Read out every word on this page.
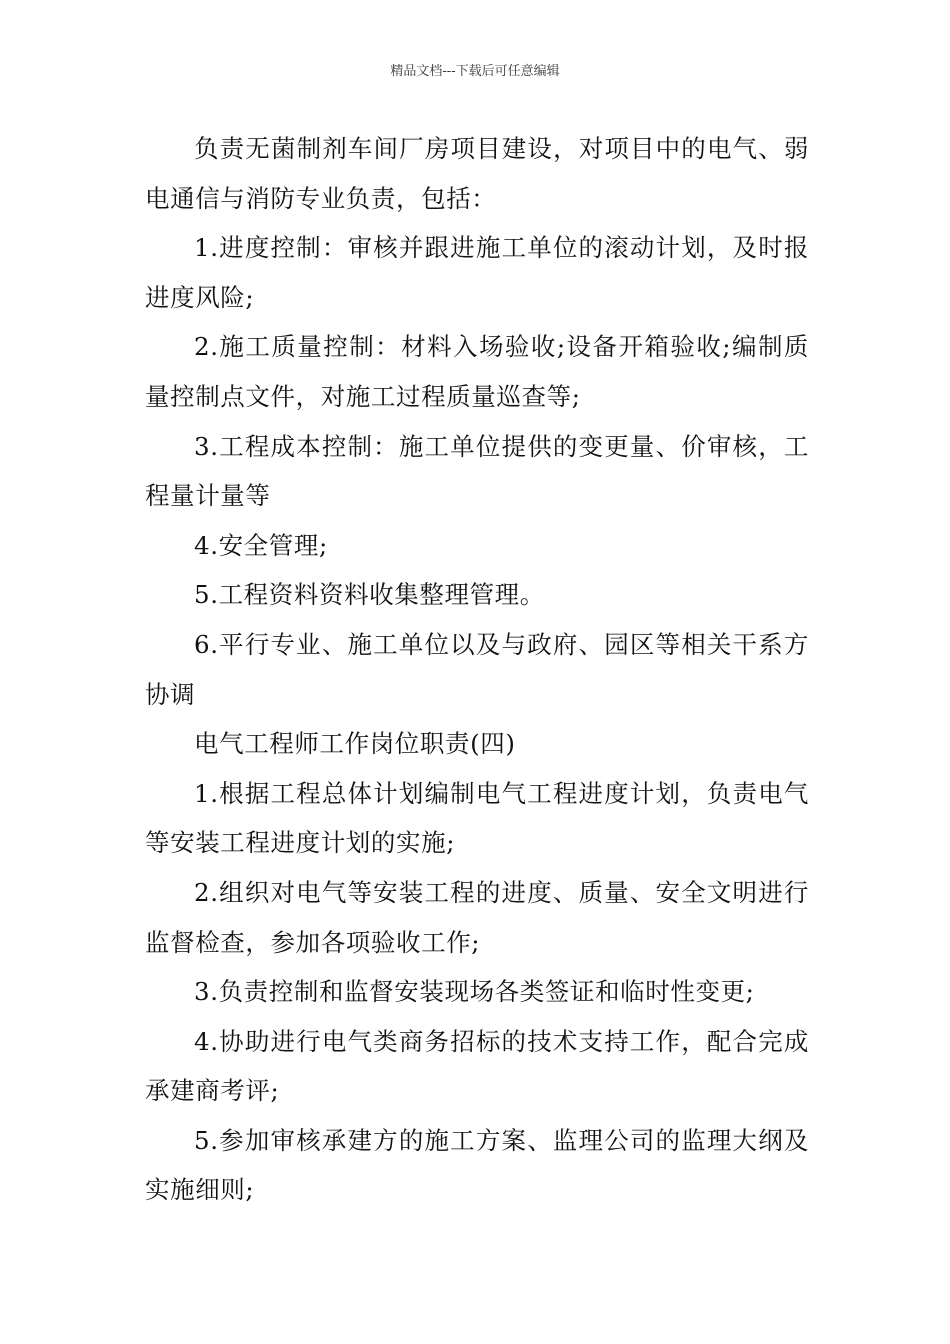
精品文档---下载后可任意编辑

负责无菌制剂车间厂房项目建设，对项目中的电气、弱电通信与消防专业负责，包括：

1.进度控制：审核并跟进施工单位的滚动计划，及时报进度风险;

2.施工质量控制：材料入场验收;设备开箱验收;编制质量控制点文件，对施工过程质量巡查等;

3.工程成本控制：施工单位提供的变更量、价审核，工程量计量等

4.安全管理;

5.工程资料资料收集整理管理。

6.平行专业、施工单位以及与政府、园区等相关干系方协调

电气工程师工作岗位职责(四)

1.根据工程总体计划编制电气工程进度计划，负责电气等安装工程进度计划的实施;

2.组织对电气等安装工程的进度、质量、安全文明进行监督检查，参加各项验收工作;

3.负责控制和监督安装现场各类签证和临时性变更;

4.协助进行电气类商务招标的技术支持工作，配合完成承建商考评;

5.参加审核承建方的施工方案、监理公司的监理大纲及实施细则;
